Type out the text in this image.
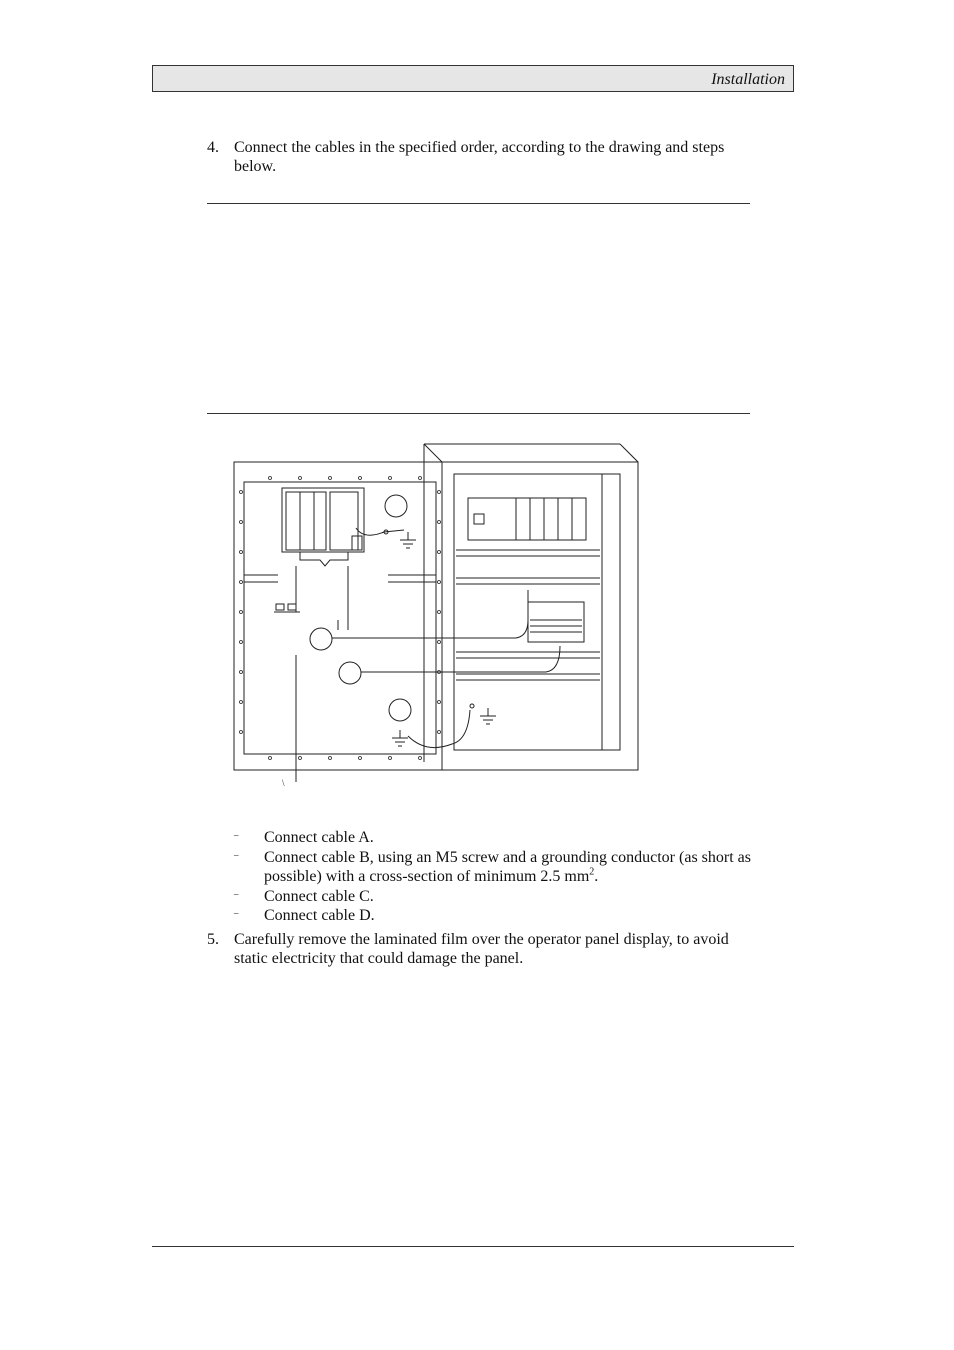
Installation
4. Connect the cables in the specified order, according to the drawing and steps below.
\
– Connect cable A.
– Connect cable B, using an M5 screw and a grounding conductor (as short as possible) with a cross-section of minimum 2.5 $mm^2$.
– Connect cable C.
– Connect cable D.
5. Carefully remove the laminated film over the operator panel display, to avoid static electricity that could damage the panel.
